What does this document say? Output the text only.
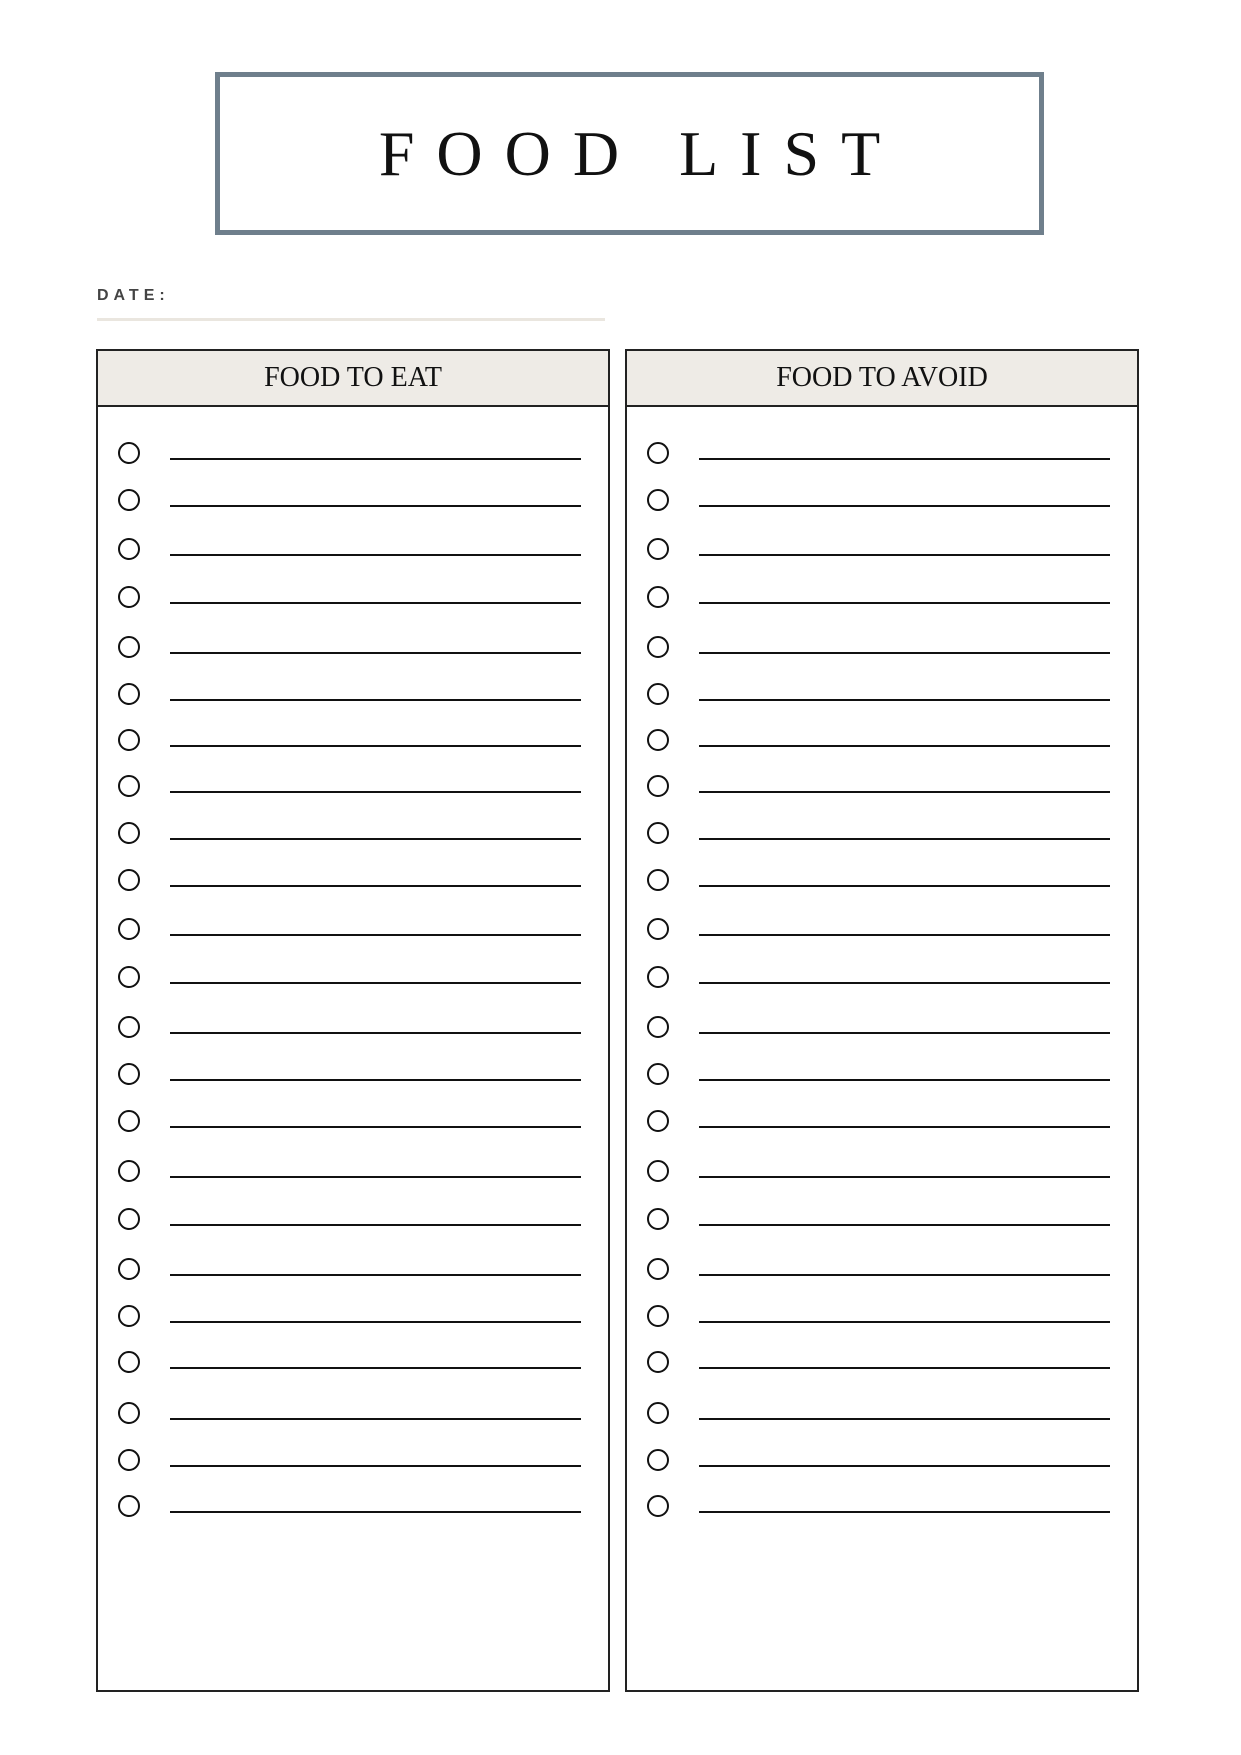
FOOD LIST
DATE:
FOOD TO EAT	FOOD TO AVOID
